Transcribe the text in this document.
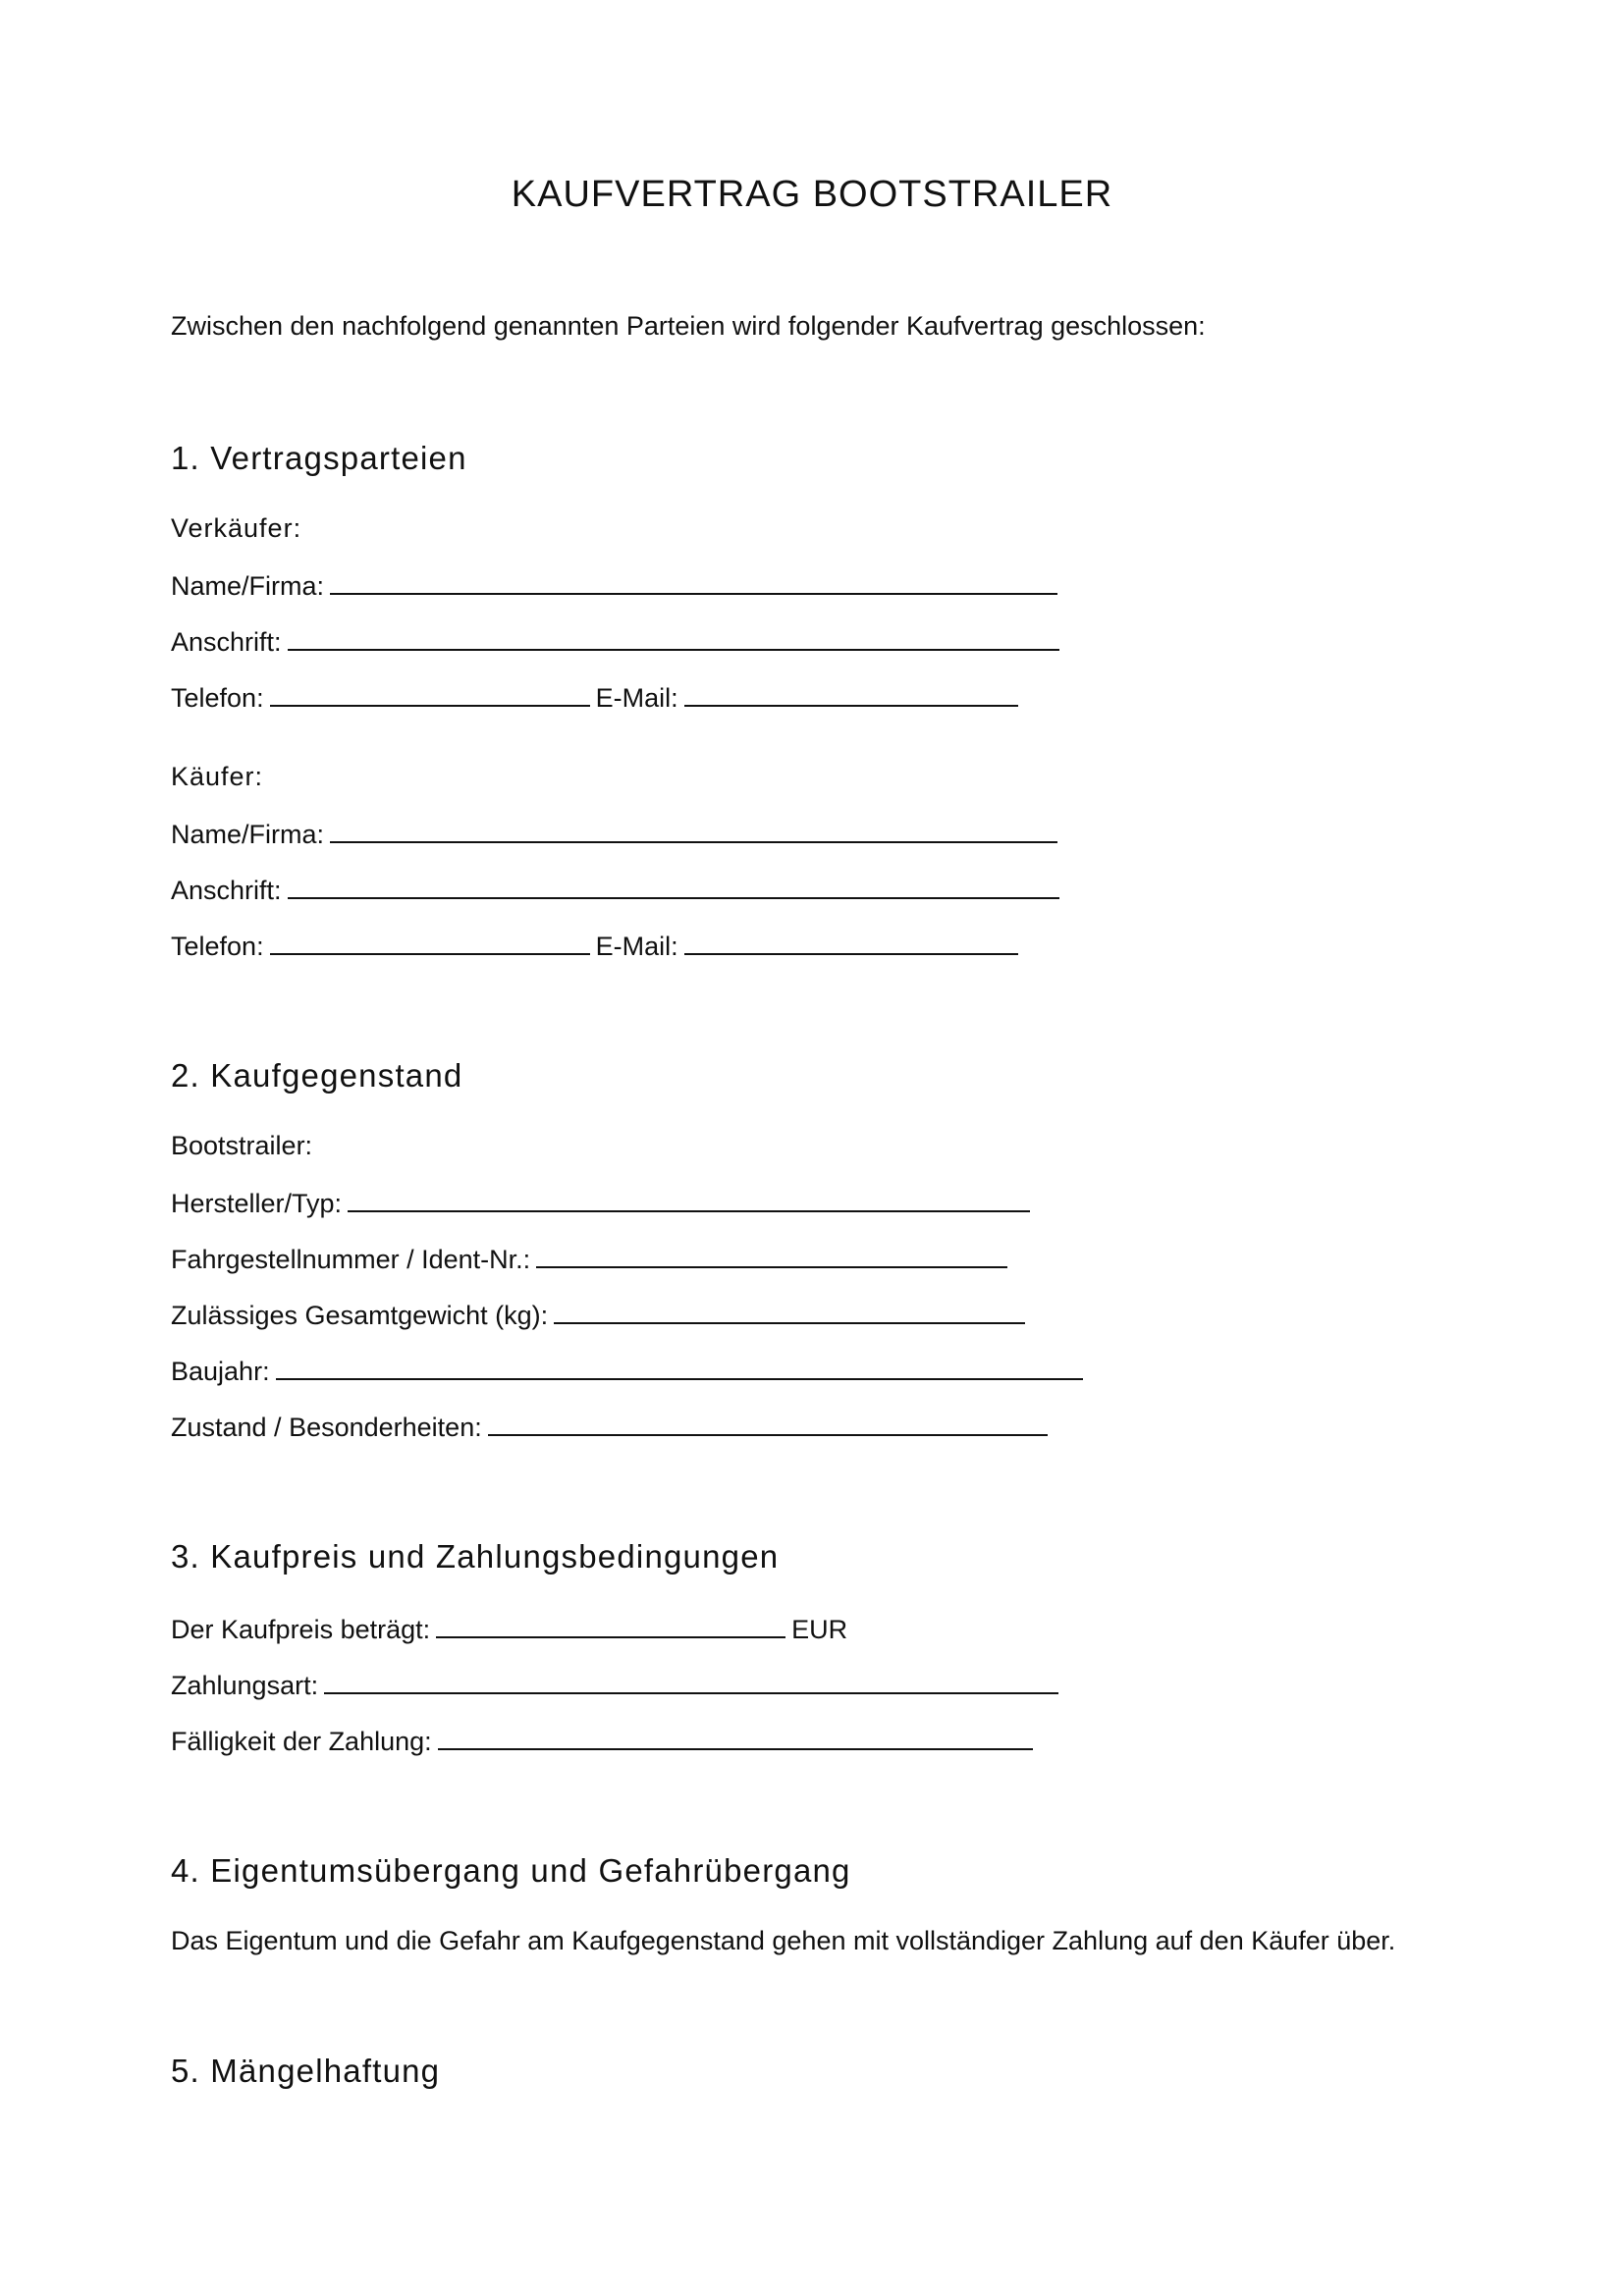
KAUFVERTRAG BOOTSTRAILER

Zwischen den nachfolgend genannten Parteien wird folgender Kaufvertrag geschlossen:

1. Vertragsparteien

Verkäufer:

Name/Firma:
Anschrift:
Telefon:	E-Mail:

Käufer:

Name/Firma:
Anschrift:
Telefon:	E-Mail:
2. Kaufgegenstand

Bootstrailer:

Hersteller/Typ:
Fahrgestellnummer / Ident-Nr.:
Zulässiges Gesamtgewicht (kg):
Baujahr:
Zustand / Besonderheiten:
3. Kaufpreis und Zahlungsbedingungen
Der Kaufpreis beträgt:	EUR
Zahlungsart:
Fälligkeit der Zahlung:
4. Eigentumsübergang und Gefahrübergang

Das Eigentum und die Gefahr am Kaufgegenstand gehen mit vollständiger Zahlung auf den Käufer über.

5. Mängelhaftung
